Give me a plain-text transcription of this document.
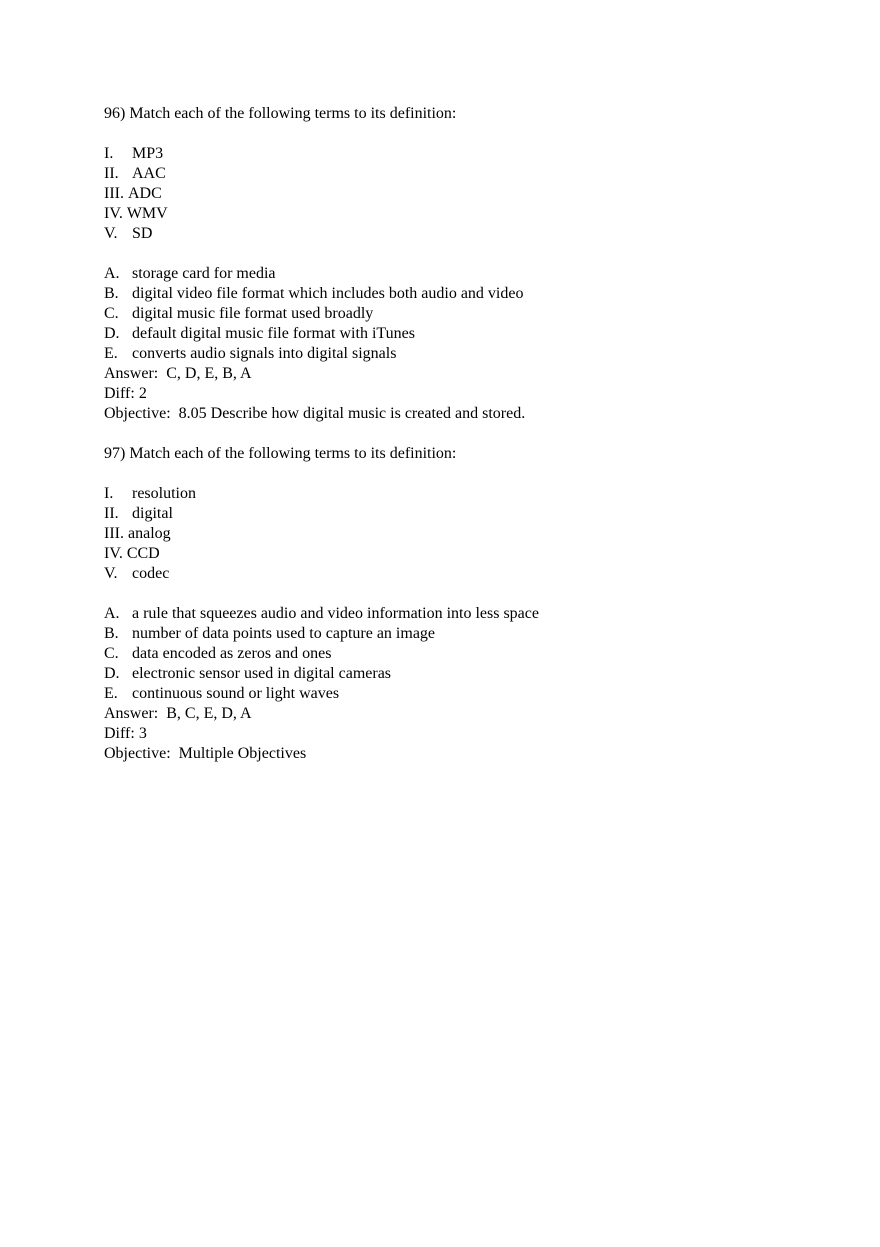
96) Match each of the following terms to its definition:
I.	MP3
II. AAC
III. ADC
IV. WMV
V. SD
A. storage card for media
B. digital video file format which includes both audio and video
C. digital music file format used broadly
D. default digital music file format with iTunes
E. converts audio signals into digital signals
Answer: C, D, E, B, A
Diff: 2
Objective: 8.05 Describe how digital music is created and stored.
97) Match each of the following terms to its definition:
I.	resolution
II. digital
III. analog
IV. CCD
V. codec
A. a rule that squeezes audio and video information into less space
B. number of data points used to capture an image
C. data encoded as zeros and ones
D. electronic sensor used in digital cameras
E. continuous sound or light waves
Answer: B, C, E, D, A
Diff: 3
Objective: Multiple Objectives
